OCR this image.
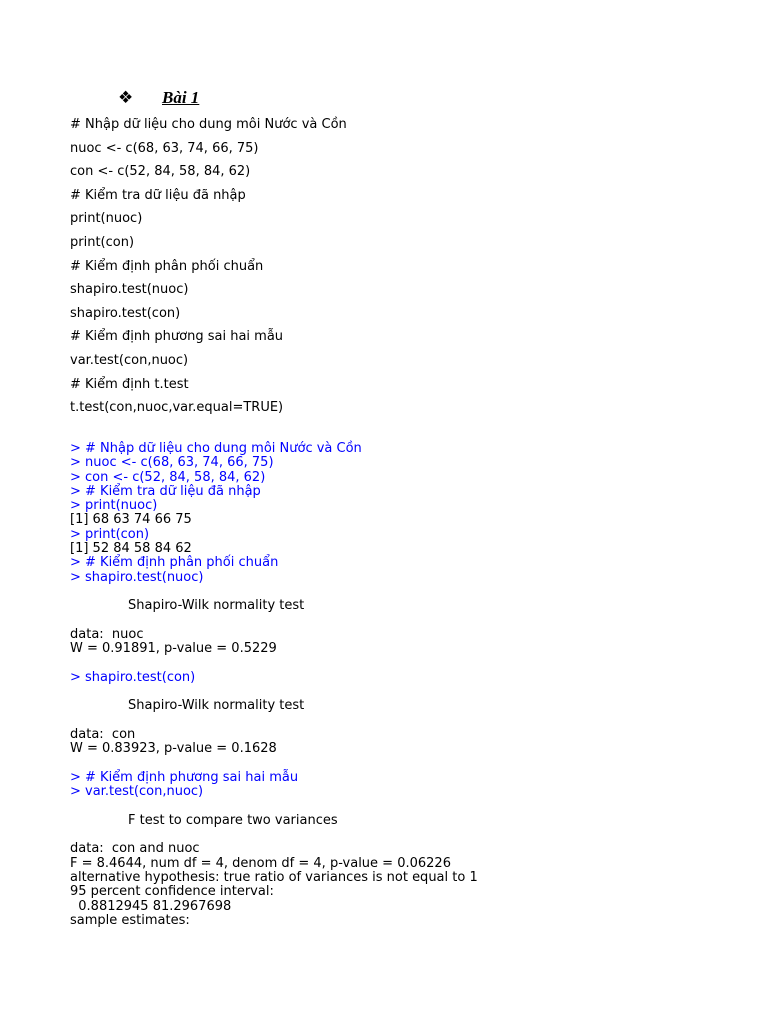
❖	Bài 1
# Nhập dữ liệu cho dung môi Nước và Cồn
nuoc <- c(68, 63, 74, 66, 75)
con <- c(52, 84, 58, 84, 62)
# Kiểm tra dữ liệu đã nhập
print(nuoc)
print(con)
# Kiểm định phân phối chuẩn
shapiro.test(nuoc)
shapiro.test(con)
# Kiểm định phương sai hai mẫu
var.test(con,nuoc)
# Kiểm định t.test
t.test(con,nuoc,var.equal=TRUE)
> # Nhập dữ liệu cho dung môi Nước và Cồn
> nuoc <- c(68, 63, 74, 66, 75)
> con <- c(52, 84, 58, 84, 62)
> # Kiểm tra dữ liệu đã nhập
> print(nuoc)
[1] 68 63 74 66 75
> print(con)
[1] 52 84 58 84 62
> # Kiểm định phân phối chuẩn
> shapiro.test(nuoc)
Shapiro-Wilk normality test
data:  nuoc
W = 0.91891, p-value = 0.5229
> shapiro.test(con)
Shapiro-Wilk normality test
data:  con
W = 0.83923, p-value = 0.1628
> # Kiểm định phương sai hai mẫu
> var.test(con,nuoc)
F test to compare two variances
data:  con and nuoc
F = 8.4644, num df = 4, denom df = 4, p-value = 0.06226
alternative hypothesis: true ratio of variances is not equal to 1
95 percent confidence interval:
0.8812945 81.2967698
sample estimates:
